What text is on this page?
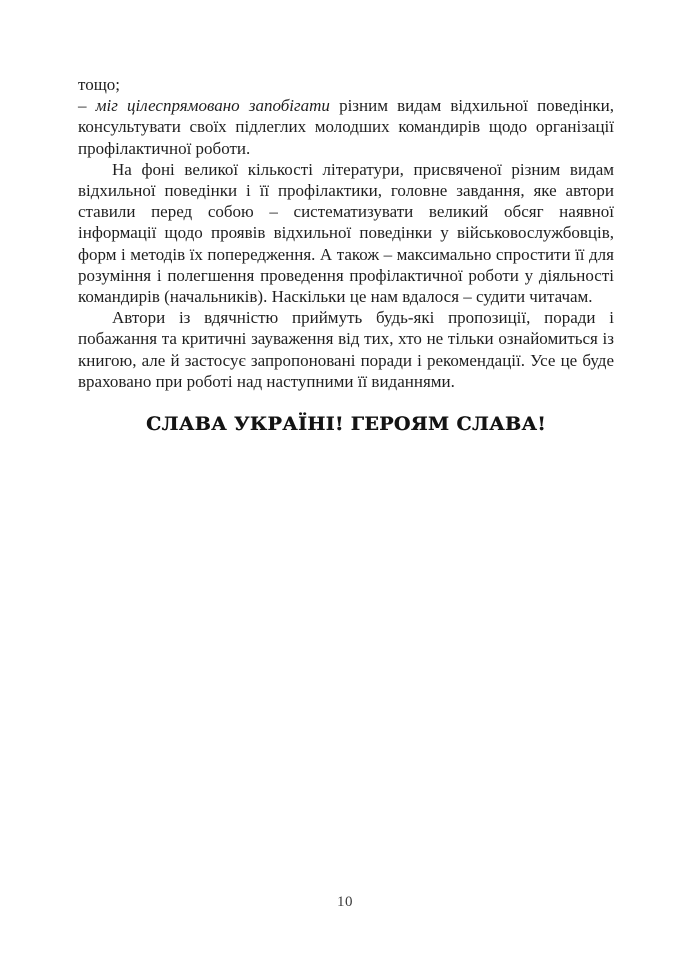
тощо;

– міг цілеспрямовано запобігати різним видам відхильної поведінки, консультувати своїх підлеглих молодших командирів щодо організації профілактичної роботи.

На фоні великої кількості літератури, присвяченої різним видам відхильної поведінки і її профілактики, головне завдання, яке автори ставили перед собою – систематизувати великий обсяг наявної інформації щодо проявів відхильної поведінки у військовослужбовців, форм і методів їх попередження. А також – максимально спростити її для розуміння і полегшення проведення профілактичної роботи у діяльності командирів (начальників). Наскільки це нам вдалося – судити читачам.

Автори із вдячністю приймуть будь-які пропозиції, поради і побажання та критичні зауваження від тих, хто не тільки ознайомиться із книгою, але й застосує запропоновані поради і рекомендації. Усе це буде враховано при роботі над наступними її виданнями.

СЛАВА УКРАЇНІ! ГЕРОЯМ СЛАВА!
10
